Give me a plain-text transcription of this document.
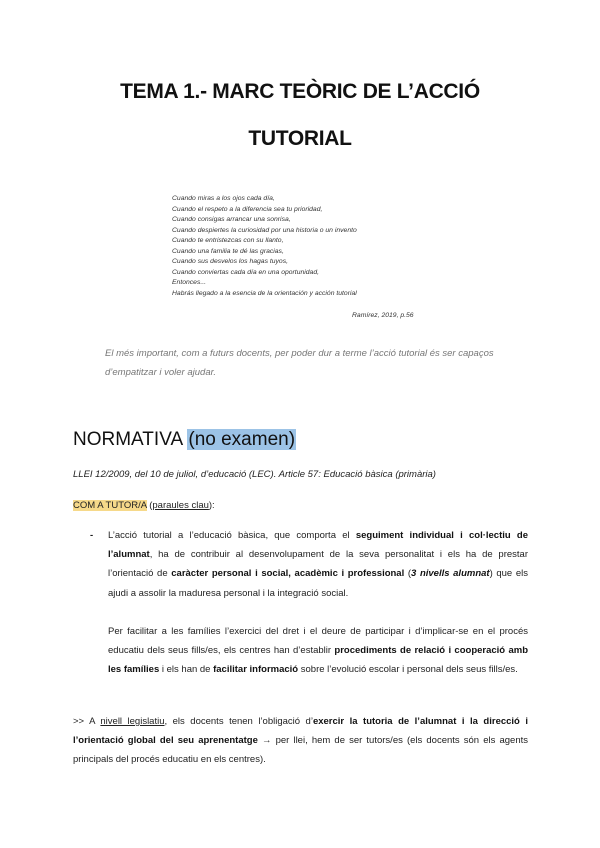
TEMA 1.- MARC TEÒRIC DE L’ACCIÓ
TUTORIAL
Cuando miras a los ojos cada día,
Cuando el respeto a la diferencia sea tu prioridad,
Cuando consigas arrancar una sonrisa,
Cuando despiertes la curiosidad por una historia o un invento
Cuando te entristezcas con su llanto,
Cuando una familia te dé las gracias,
Cuando sus desvelos los hagas tuyos,
Cuando conviertas cada día en una oportunidad,
Entonces...
Habrás llegado a la esencia de la orientación y acción tutorial
Ramírez, 2019, p.56
El més important, com a futurs docents, per poder dur a terme l’acció tutorial és ser capaços d’empatitzar i voler ajudar.
NORMATIVA (no examen)
LLEI 12/2009, del 10 de juliol, d’educació (LEC). Article 57: Educació bàsica (primària)
COM A TUTOR/A (paraules clau):
- L’acció tutorial a l’educació bàsica, que comporta el seguiment individual i col·lectiu de l’alumnat, ha de contribuir al desenvolupament de la seva personalitat i els ha de prestar l’orientació de caràcter personal i social, acadèmic i professional (3 nivells alumnat) que els ajudi a assolir la maduresa personal i la integració social.
Per facilitar a les famílies l’exercici del dret i el deure de participar i d’implicar-se en el procés educatiu dels seus fills/es, els centres han d’establir procediments de relació i cooperació amb les famílies i els han de facilitar informació sobre l’evolució escolar i personal dels seus fills/es.
>> A nivell legislatiu, els docents tenen l’obligació d’exercir la tutoria de l’alumnat i la direcció i l’orientació global del seu aprenentatge → per llei, hem de ser tutors/es (els docents són els agents principals del procés educatiu en els centres).
